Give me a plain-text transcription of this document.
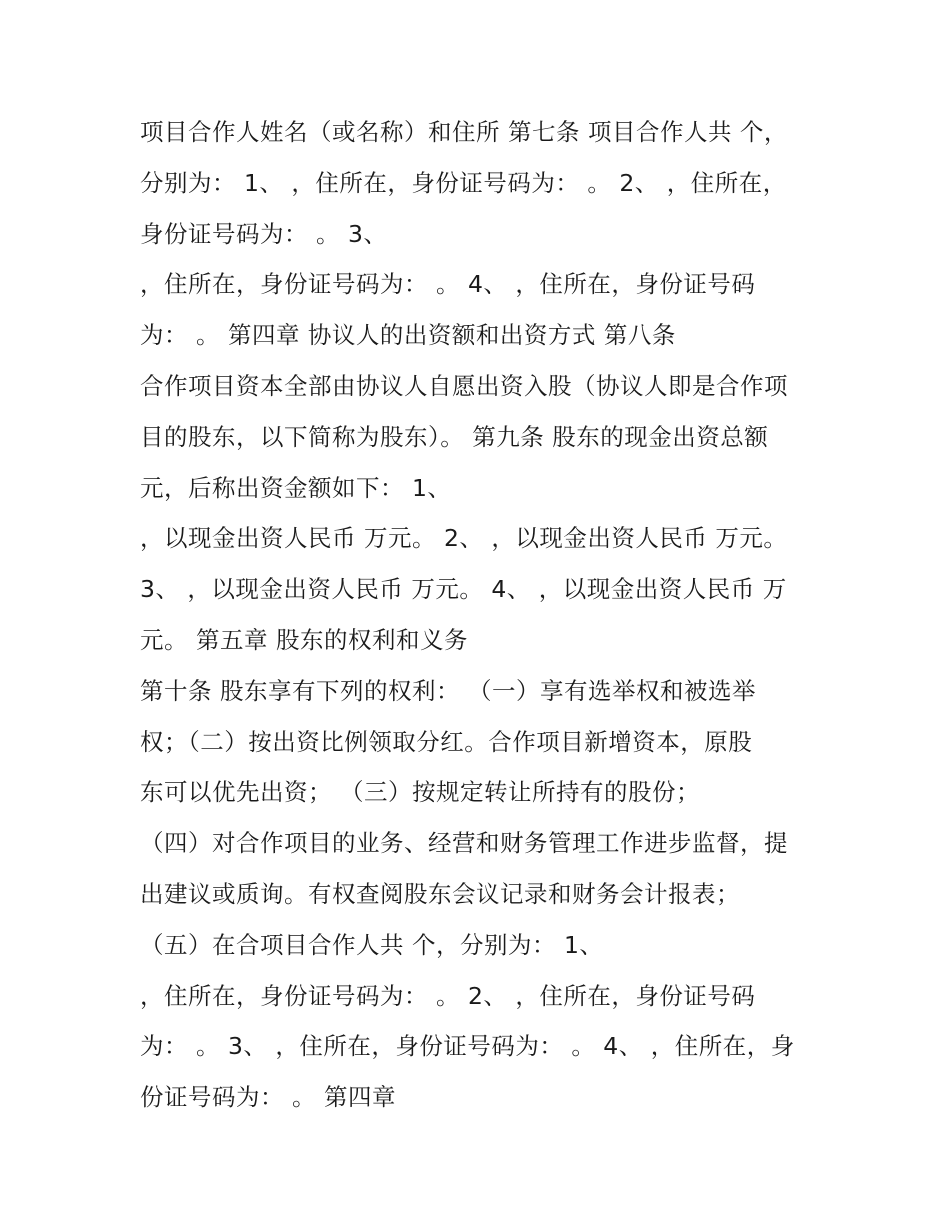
项目合作人姓名（或名称）和住所 第七条 项目合作人共 个，
分别为： 1、 ，住所在，身份证号码为： 。 2、 ，住所在，
身份证号码为： 。 3、
，住所在，身份证号码为： 。 4、 ，住所在，身份证号码
为： 。 第四章 协议人的出资额和出资方式 第八条
合作项目资本全部由协议人自愿出资入股（协议人即是合作项
目的股东，以下简称为股东）。 第九条 股东的现金出资总额
元，后称出资金额如下： 1、
，以现金出资人民币 万元。 2、 ，以现金出资人民币 万元。
3、 ，以现金出资人民币 万元。 4、 ，以现金出资人民币 万
元。 第五章 股东的权利和义务
第十条 股东享有下列的权利： （一）享有选举权和被选举
权；（二）按出资比例领取分红。合作项目新增资本，原股
东可以优先出资； （三）按规定转让所持有的股份；
（四）对合作项目的业务、经营和财务管理工作进步监督，提
出建议或质询。有权查阅股东会议记录和财务会计报表；
（五）在合项目合作人共 个，分别为： 1、
，住所在，身份证号码为： 。 2、 ，住所在，身份证号码
为： 。 3、 ，住所在，身份证号码为： 。 4、 ，住所在，身
份证号码为： 。 第四章
